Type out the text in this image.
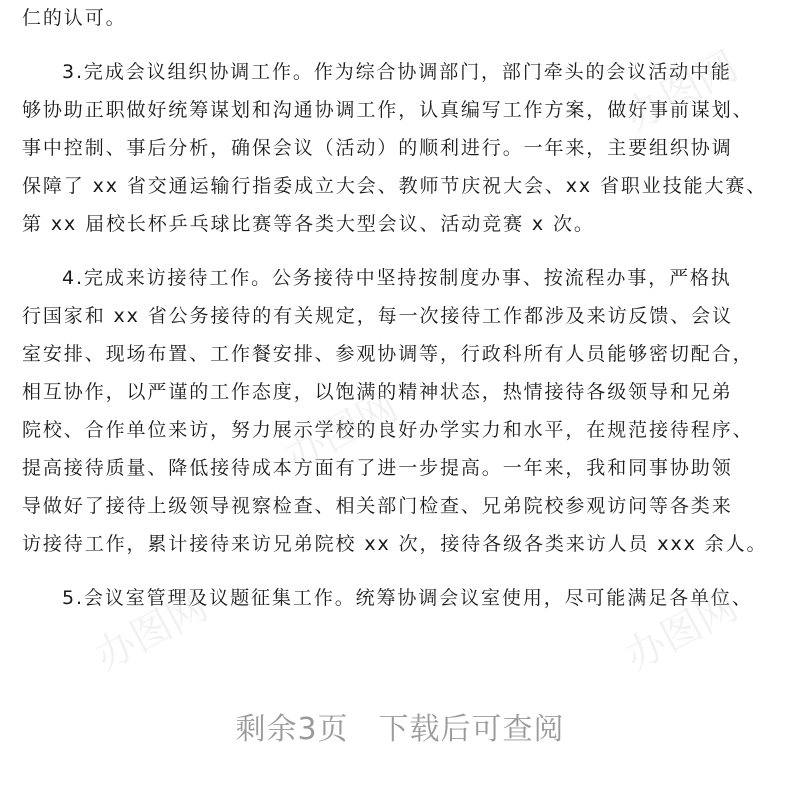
仁的认可。
3.完成会议组织协调工作。作为综合协调部门，部门牵头的会议活动中能
够协助正职做好统筹谋划和沟通协调工作，认真编写工作方案，做好事前谋划、
事中控制、事后分析，确保会议（活动）的顺利进行。一年来，主要组织协调
保障了 xx 省交通运输行指委成立大会、教师节庆祝大会、xx 省职业技能大赛、
第 xx 届校长杯乒乓球比赛等各类大型会议、活动竞赛 x 次。
4.完成来访接待工作。公务接待中坚持按制度办事、按流程办事，严格执
行国家和 xx 省公务接待的有关规定，每一次接待工作都涉及来访反馈、会议
室安排、现场布置、工作餐安排、参观协调等，行政科所有人员能够密切配合，
相互协作，以严谨的工作态度，以饱满的精神状态，热情接待各级领导和兄弟
院校、合作单位来访，努力展示学校的良好办学实力和水平，在规范接待程序、
提高接待质量、降低接待成本方面有了进一步提高。一年来，我和同事协助领
导做好了接待上级领导视察检查、相关部门检查、兄弟院校参观访问等各类来
访接待工作，累计接待来访兄弟院校 xx 次，接待各级各类来访人员 xxx 余人。
5.会议室管理及议题征集工作。统筹协调会议室使用，尽可能满足各单位、
办图网
办图网
办图网
办图网
剩余3页 下载后可查阅
